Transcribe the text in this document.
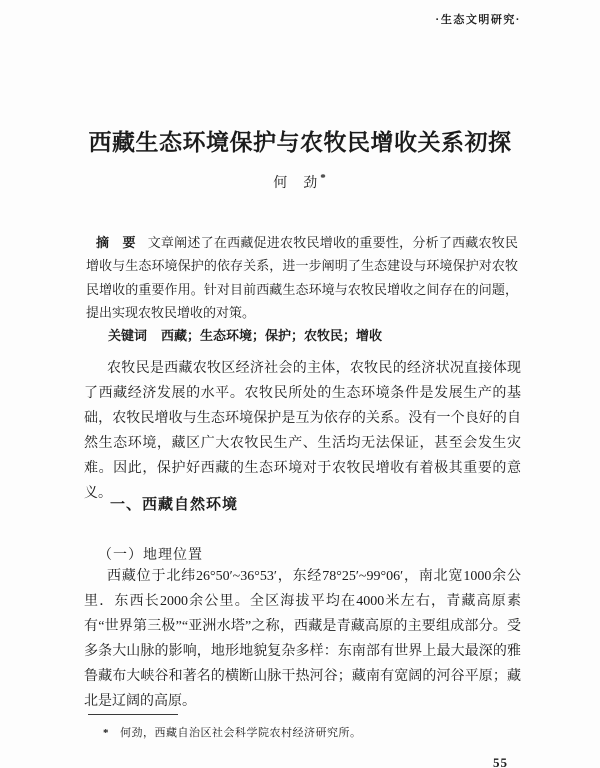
·生态文明研究·
西藏生态环境保护与农牧民增收关系初探
何　劲 *

摘　要 文章阐述了在西藏促进农牧民增收的重要性，分析了西藏农牧民增收与生态环境保护的依存关系，进一步阐明了生态建设与环境保护对农牧民增收的重要作用。针对目前西藏生态环境与农牧民增收之间存在的问题，提出实现农牧民增收的对策。

关键词 西藏；生态环境；保护；农牧民；增收

农牧民是西藏农牧区经济社会的主体，农牧民的经济状况直接体现了西藏经济发展的水平。农牧民所处的生态环境条件是发展生产的基础，农牧民增收与生态环境保护是互为依存的关系。没有一个良好的自然生态环境，藏区广大农牧民生产、生活均无法保证，甚至会发生灾难。因此，保护好西藏的生态环境对于农牧民增收有着极其重要的意义。

一、西藏自然环境
（一）地理位置

西藏位于北纬26°50′~36°53′，东经78°25′~99°06′，南北宽1000余公里．东西长2000余公里。全区海拔平均在4000米左右，青藏高原素有“世界第三极”“亚洲水塔”之称，西藏是青藏高原的主要组成部分。受多条大山脉的影响，地形地貌复杂多样：东南部有世界上最大最深的雅鲁藏布大峡谷和著名的横断山脉干热河谷；藏南有宽阔的河谷平原；藏北是辽阔的高原。

* 何劲，西藏自治区社会科学院农村经济研究所。

55
